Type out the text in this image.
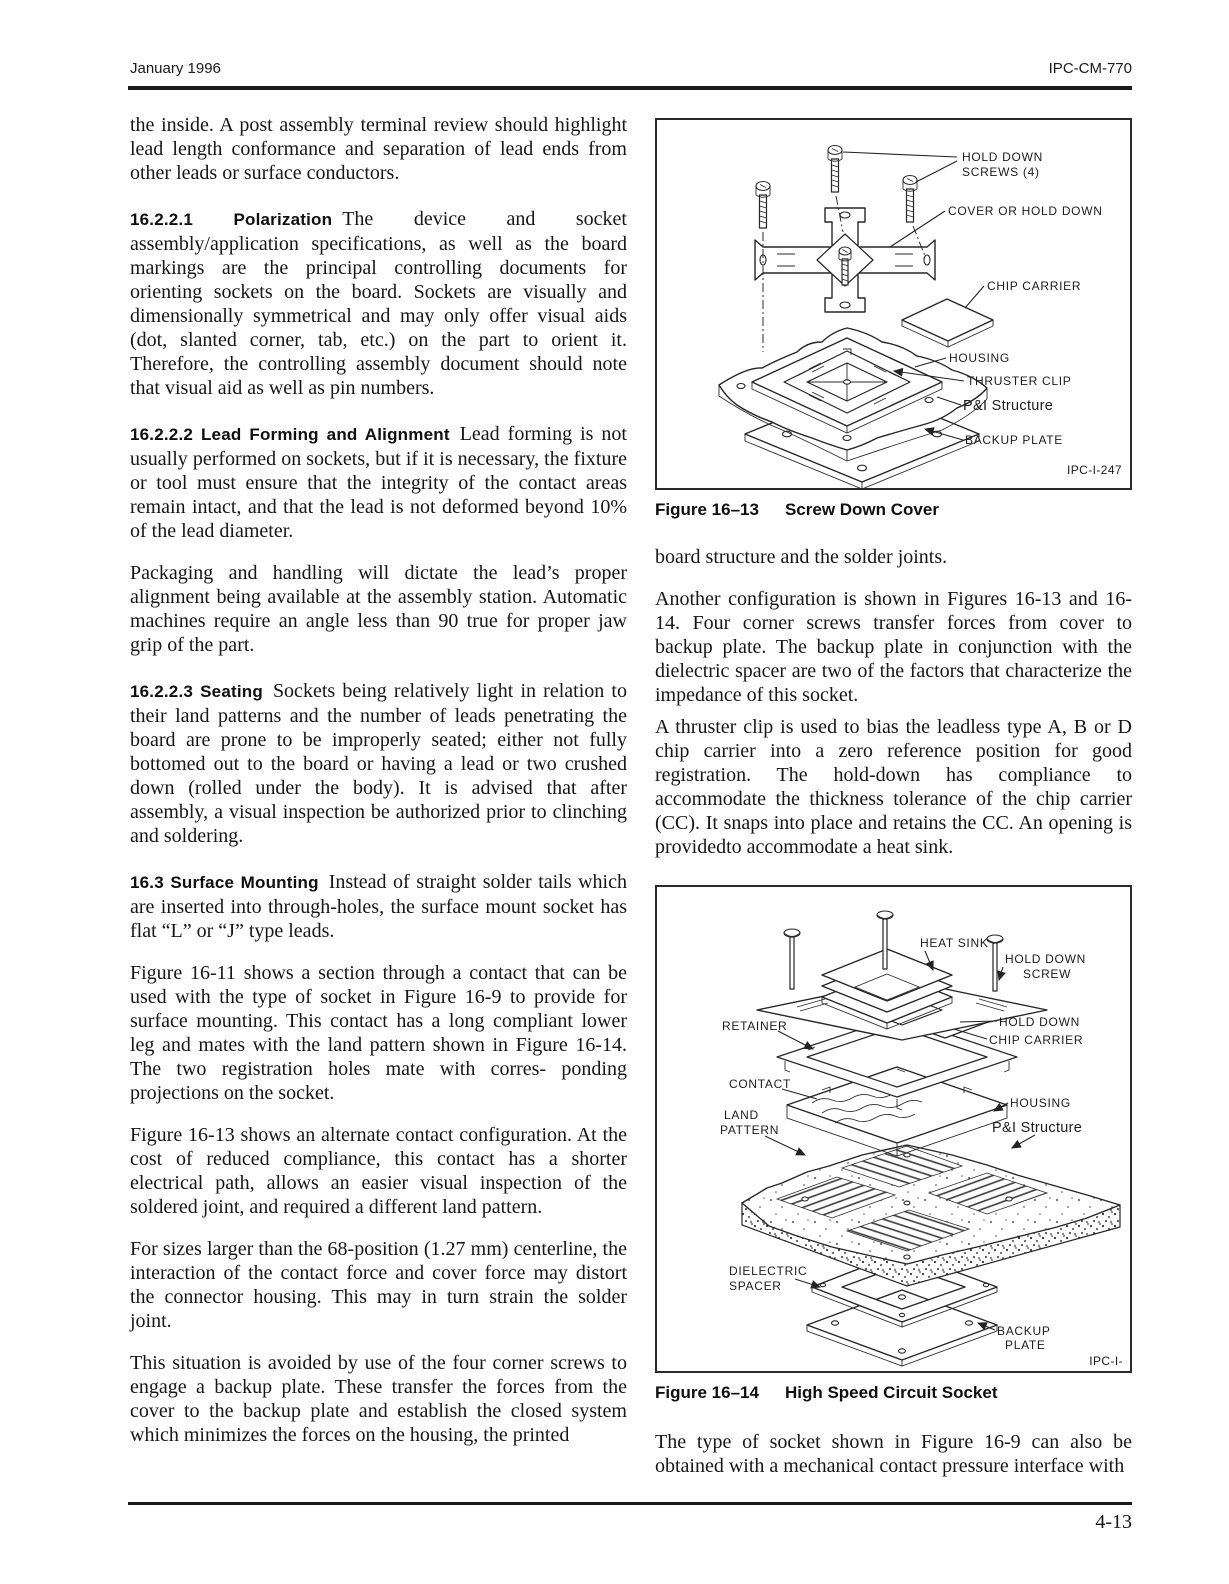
January 1996	IPC-CM-770

the inside. A post assembly terminal review should highlight lead length conformance and separation of lead ends from other leads or surface conductors.

16.2.2.1 Polarization The device and socket assembly/application specifications, as well as the board markings are the principal controlling documents for orienting sockets on the board. Sockets are visually and dimensionally symmetrical and may only offer visual aids (dot, slanted corner, tab, etc.) on the part to orient it. Therefore, the controlling assembly document should note that visual aid as well as pin numbers.

16.2.2.2 Lead Forming and Alignment Lead forming is not usually performed on sockets, but if it is necessary, the fixture or tool must ensure that the integrity of the contact areas remain intact, and that the lead is not deformed beyond 10% of the lead diameter.

Packaging and handling will dictate the lead’s proper alignment being available at the assembly station. Automatic machines require an angle less than 90 true for proper jaw grip of the part.

16.2.2.3 Seating Sockets being relatively light in relation to their land patterns and the number of leads penetrating the board are prone to be improperly seated; either not fully bottomed out to the board or having a lead or two crushed down (rolled under the body). It is advised that after assembly, a visual inspection be authorized prior to clinching and soldering.

16.3 Surface Mounting Instead of straight solder tails which are inserted into through-holes, the surface mount socket has flat “L” or “J” type leads.

Figure 16-11 shows a section through a contact that can be used with the type of socket in Figure 16-9 to provide for surface mounting. This contact has a long compliant lower leg and mates with the land pattern shown in Figure 16-14. The two registration holes mate with corres- ponding projections on the socket.

Figure 16-13 shows an alternate contact configuration. At the cost of reduced compliance, this contact has a shorter electrical path, allows an easier visual inspection of the soldered joint, and required a different land pattern.

For sizes larger than the 68-position (1.27 mm) centerline, the interaction of the contact force and cover force may distort the connector housing. This may in turn strain the solder joint.

This situation is avoided by use of the four corner screws to engage a backup plate. These transfer the forces from the cover to the backup plate and establish the closed system which minimizes the forces on the housing, the printed

HOLD DOWN
SCREWS (4)
COVER OR HOLD DOWN
CHIP CARRIER
HOUSING
THRUSTER CLIP
P&I Structure
BACKUP PLATE
IPC-I-247
Figure 16–13 Screw Down Cover

board structure and the solder joints.

Another configuration is shown in Figures 16-13 and 16-14. Four corner screws transfer forces from cover to backup plate. The backup plate in conjunction with the dielectric spacer are two of the factors that characterize the impedance of this socket.

A thruster clip is used to bias the leadless type A, B or D chip carrier into a zero reference position for good registration. The hold-down has compliance to accommodate the thickness tolerance of the chip carrier (CC). It snaps into place and retains the CC. An opening is providedto accommodate a heat sink.

HEAT SINK
HOLD DOWN
SCREW
RETAINER	HOLD DOWN
CHIP CARRIER
CONTACT
HOUSING
LAND
PATTERN	P&I Structure
DIELECTRIC
SPACER
BACKUP
PLATE
IPC-I-
Figure 16–14 High Speed Circuit Socket

The type of socket shown in Figure 16-9 can also be obtained with a mechanical contact pressure interface with

4-13
